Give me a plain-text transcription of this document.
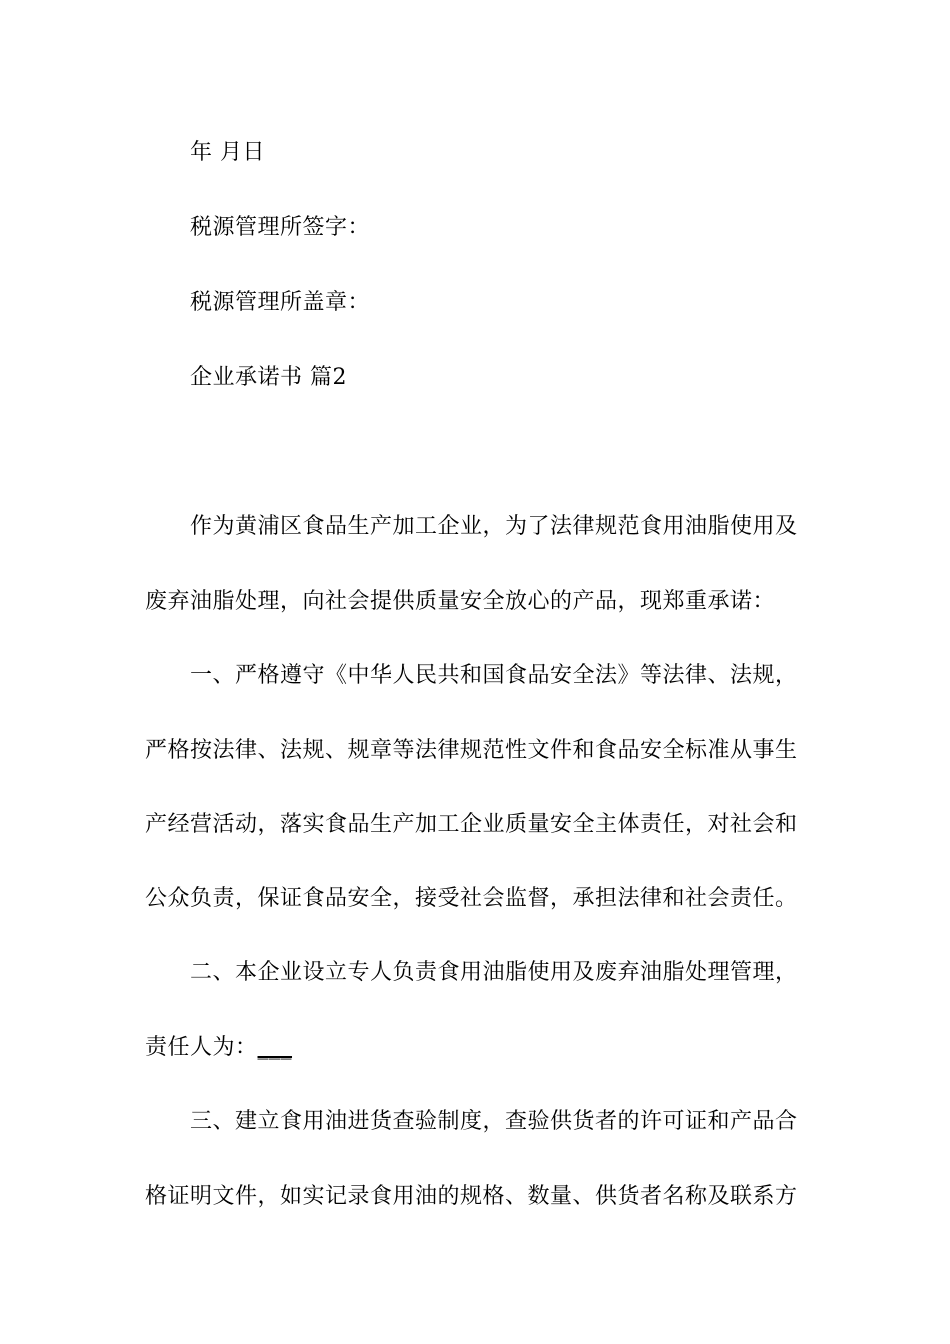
年 月日
税源管理所签字：
税源管理所盖章：
企业承诺书 篇2
作为黄浦区食品生产加工企业，为了法律规范食用油脂使用及
废弃油脂处理，向社会提供质量安全放心的产品，现郑重承诺：
一、严格遵守《中华人民共和国食品安全法》等法律、法规，
严格按法律、法规、规章等法律规范性文件和食品安全标准从事生
产经营活动，落实食品生产加工企业质量安全主体责任，对社会和
公众负责，保证食品安全，接受社会监督，承担法律和社会责任。
二、本企业设立专人负责食用油脂使用及废弃油脂处理管理，
责任人为：___
三、建立食用油进货查验制度，查验供货者的许可证和产品合
格证明文件，如实记录食用油的规格、数量、供货者名称及联系方
